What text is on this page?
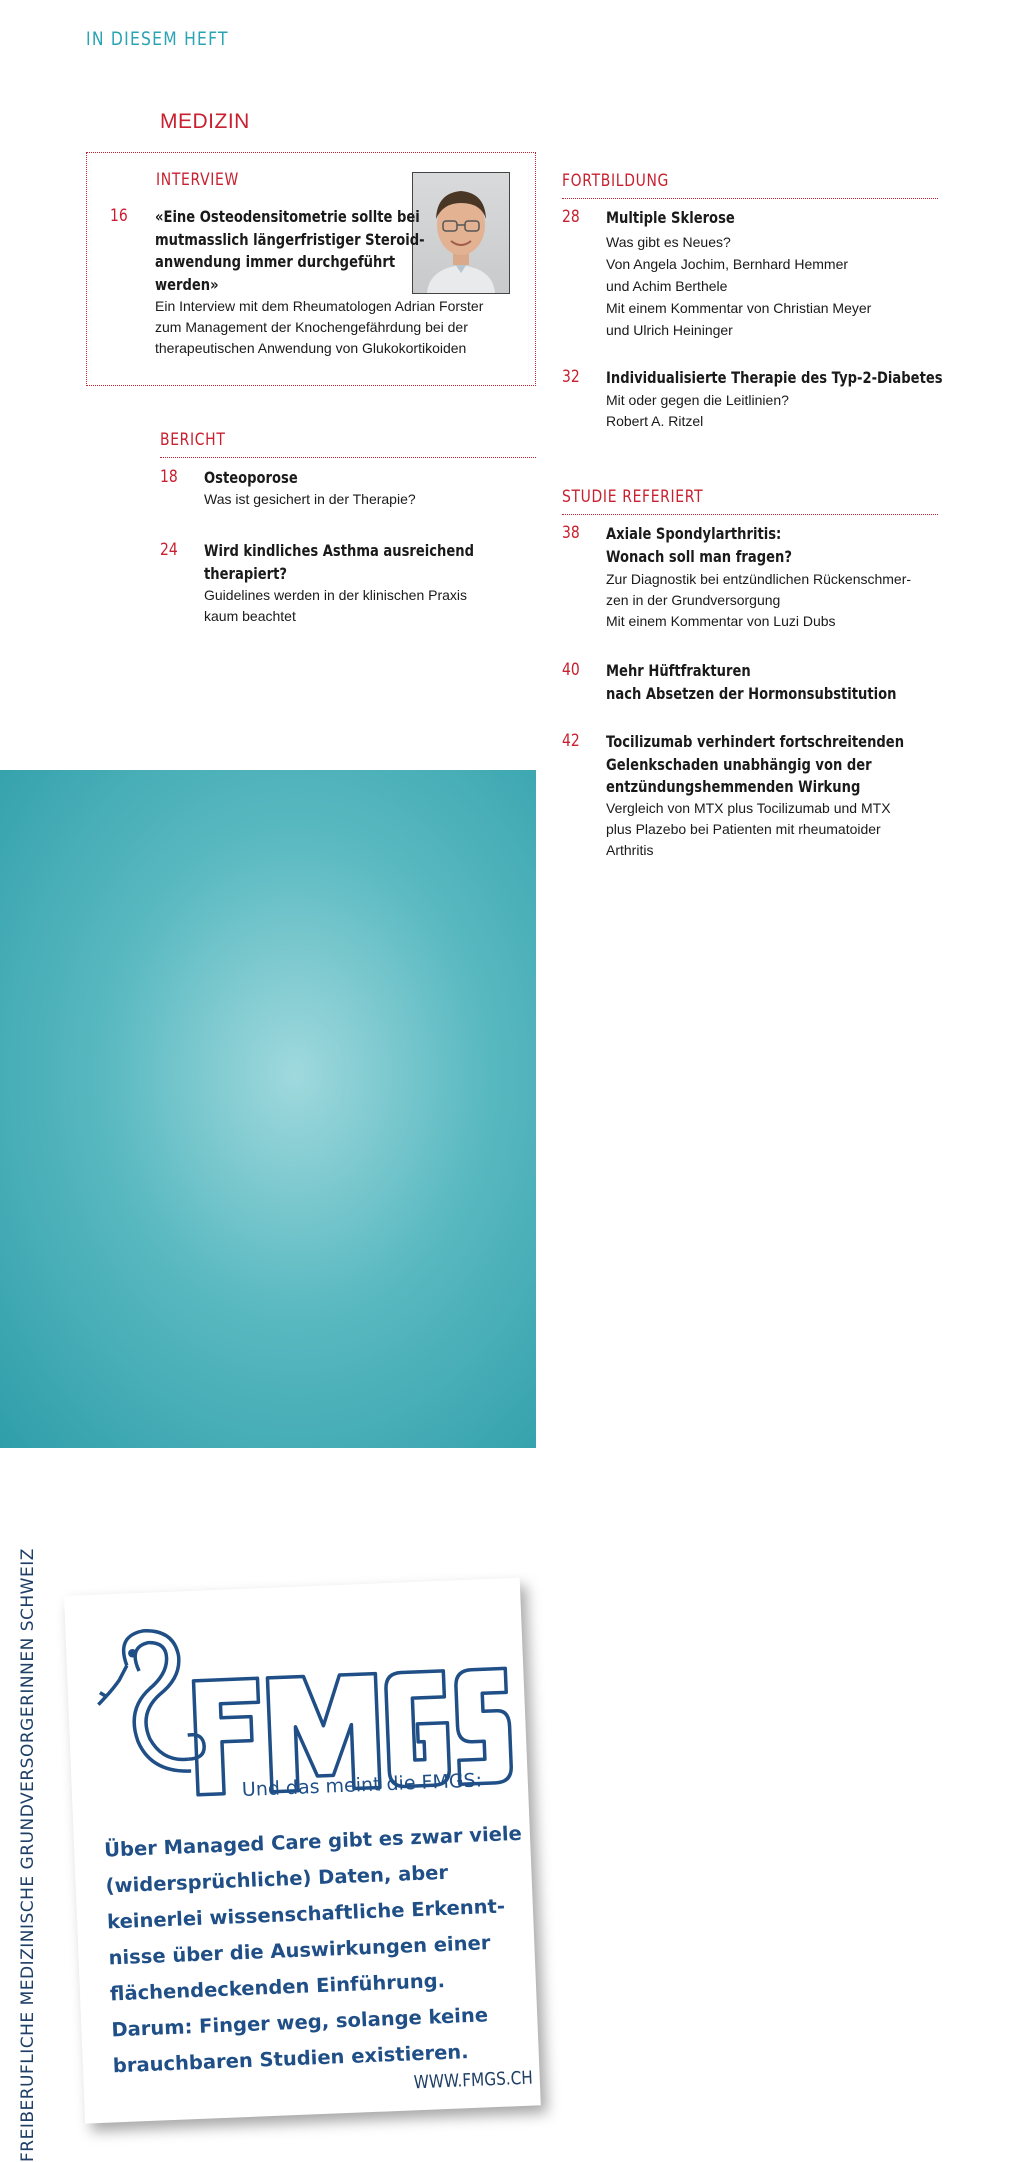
IN DIESEM HEFT
MEDIZIN
INTERVIEW
16 «Eine Osteodensitometrie sollte bei
mutmasslich längerfristiger Steroid-
anwendung immer durchgeführt
werden»
Ein Interview mit dem Rheumatologen Adrian Forster
zum Management der Knochengefährdung bei der
therapeutischen Anwendung von Glukokortikoiden
BERICHT
18 Osteoporose
Was ist gesichert in der Therapie?
24 Wird kindliches Asthma ausreichend
therapiert?
Guidelines werden in der klinischen Praxis
kaum beachtet
FORTBILDUNG
28 Multiple Sklerose
Was gibt es Neues?
Von Angela Jochim, Bernhard Hemmer
und Achim Berthele
Mit einem Kommentar von Christian Meyer
und Ulrich Heininger
32 Individualisierte Therapie des Typ-2-Diabetes
Mit oder gegen die Leitlinien?
Robert A. Ritzel
STUDIE REFERIERT
38 Axiale Spondylarthritis:
Wonach soll man fragen?
Zur Diagnostik bei entzündlichen Rückenschmer-
zen in der Grundversorgung
Mit einem Kommentar von Luzi Dubs
40 Mehr Hüftfrakturen
nach Absetzen der Hormonsubstitution
42 Tocilizumab verhindert fortschreitenden
Gelenkschaden unabhängig von der
entzündungshemmenden Wirkung
Vergleich von MTX plus Tocilizumab und MTX
plus Plazebo bei Patienten mit rheumatoider
Arthritis
FREIBERUFLICHE MEDIZINISCHE GRUNDVERSORGERINNEN SCHWEIZ	Und das meint die FMGS:
Über Managed Care gibt es zwar viele
(widersprüchliche) Daten, aber
keinerlei wissenschaftliche Erkennt-
nisse über die Auswirkungen einer
flächendeckenden Einführung.
Darum: Finger weg, solange keine
brauchbaren Studien existieren.
WWW.FMGS.CH
